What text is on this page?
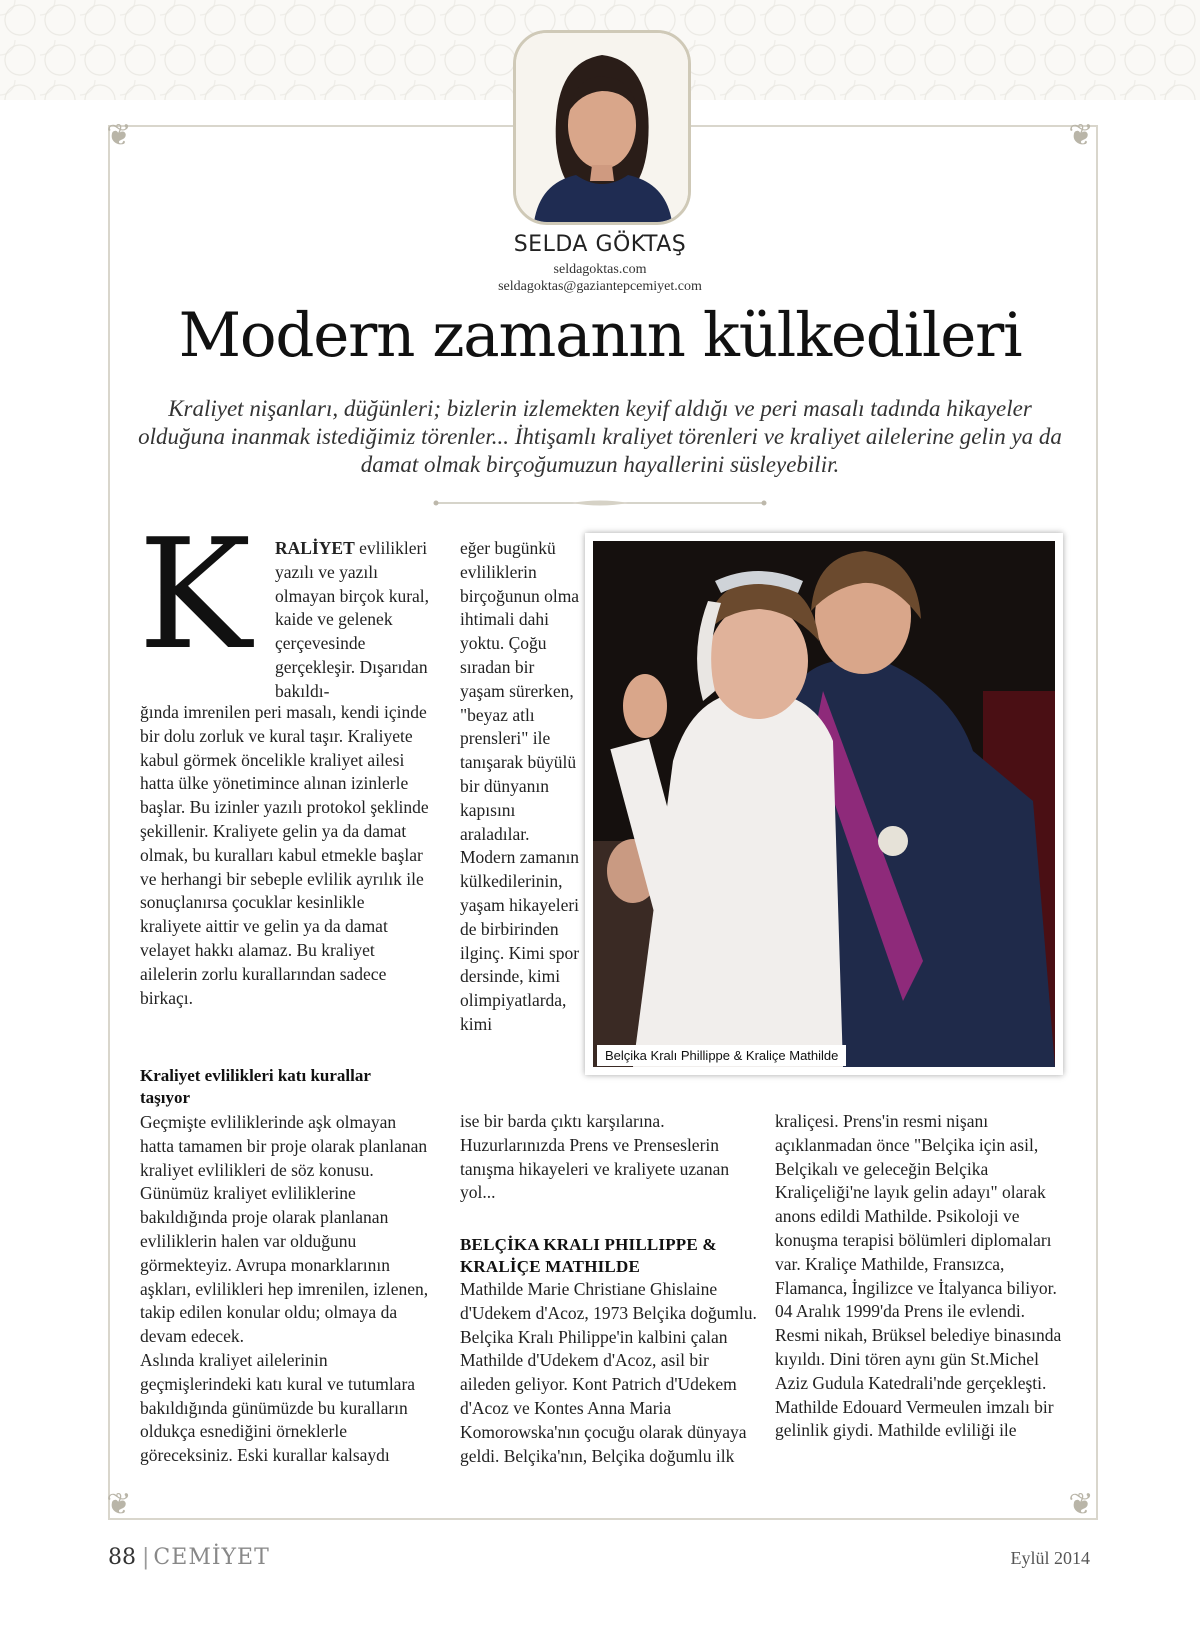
❦	❦
❦	❦
SELDA GÖKTAŞ
seldagoktas.com
seldagoktas@gaziantepcemiyet.com
Modern zamanın külkedileri

Kraliyet nişanları, düğünleri; bizlerin izlemekten keyif aldığı ve peri masalı tadında hikayeler olduğuna inanmak istediğimiz törenler... İhtişamlı kraliyet törenleri ve kraliyet ailelerine gelin ya da damat olmak birçoğumuzun hayallerini süsleyebilir.

K RALİYET evlilikleri yazılı ve yazılı olmayan birçok kural, kaide ve gelenek çerçevesinde gerçekleşir. Dışarıdan bakıldı-

ğında imrenilen peri masalı, kendi içinde bir dolu zorluk ve kural taşır. Kraliyete kabul görmek öncelikle kraliyet ailesi hatta ülke yönetimince alınan izinlerle başlar. Bu izinler yazılı protokol şeklinde şekillenir. Kraliyete gelin ya da damat olmak, bu kuralları kabul etmekle başlar ve herhangi bir sebeple evlilik ayrılık ile sonuçlanırsa çocuklar kesinlikle kraliyete aittir ve gelin ya da damat velayet hakkı alamaz. Bu kraliyet ailelerin zorlu kurallarından sadece birkaçı.

Kraliyet evlilikleri katı kurallar taşıyor

Geçmişte evliliklerinde aşk olmayan hatta tamamen bir proje olarak planlanan kraliyet evlilikleri de söz konusu. Günümüz kraliyet evliliklerine bakıldığında proje olarak planlanan evliliklerin halen var olduğunu görmekteyiz. Avrupa monarklarının aşkları, evlilikleri hep imrenilen, izlenen, takip edilen konular oldu; olmaya da devam edecek.

Aslında kraliyet ailelerinin geçmişlerindeki katı kural ve tutumlara bakıldığında günümüzde bu kuralların oldukça esnediğini örneklerle göreceksiniz. Eski kurallar kalsaydı

eğer bugünkü evliliklerin birçoğunun olma ihtimali dahi yoktu. Çoğu sıradan bir yaşam sürerken, "beyaz atlı prensleri" ile tanışarak büyülü bir dünyanın kapısını araladılar. Modern zamanın külkedilerinin, yaşam hikayeleri de birbirinden ilginç. Kimi spor dersinde, kimi olimpiyatlarda, kimi

ise bir barda çıktı karşılarına. Huzurlarınızda Prens ve Prenseslerin tanışma hikayeleri ve kraliyete uzanan yol...

BELÇİKA KRALI PHILLIPPE & KRALİÇE MATHILDE

Mathilde Marie Christiane Ghislaine d'Udekem d'Acoz, 1973 Belçika doğumlu. Belçika Kralı Philippe'in kalbini çalan Mathilde d'Udekem d'Acoz, asil bir aileden geliyor. Kont Patrich d'Udekem d'Acoz ve Kontes Anna Maria Komorowska'nın çocuğu olarak dünyaya geldi. Belçika'nın, Belçika doğumlu ilk

kraliçesi. Prens'in resmi nişanı açıklanmadan önce "Belçika için asil, Belçikalı ve geleceğin Belçika Kraliçeliği'ne layık gelin adayı" olarak anons edildi Mathilde. Psikoloji ve konuşma terapisi bölümleri diplomaları var. Kraliçe Mathilde, Fransızca, Flamanca, İngilizce ve İtalyanca biliyor.

04 Aralık 1999'da Prens ile evlendi. Resmi nikah, Brüksel belediye binasında kıyıldı. Dini tören aynı gün St.Michel Aziz Gudula Katedrali'nde gerçekleşti. Mathilde Edouard Vermeulen imzalı bir gelinlik giydi. Mathilde evliliği ile

Belçika Kralı Phillippe & Kraliçe Mathilde
88 | CEMİYET	Eylül 2014
